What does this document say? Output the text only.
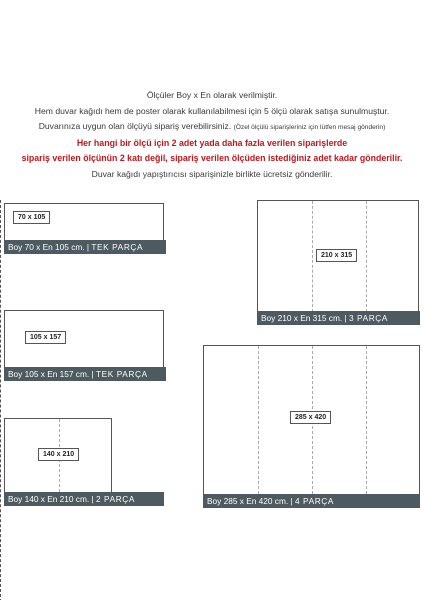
Ölçüler Boy x En olarak verilmiştir.
Hem duvar kağıdı hem de poster olarak kullanılabilmesi için 5 ölçü olarak satışa sunulmuştur.
Duvarınıza uygun olan ölçüyü sipariş verebilirsiniz. (Özel ölçülü siparişleriniz için lütfen mesaj gönderin)
Her hangi bir ölçü için 2 adet yada daha fazla verilen siparişlerde
sipariş verilen ölçünün 2 katı değil, sipariş verilen ölçüden istediğiniz adet kadar gönderilir.
Duvar kağıdı yapıştırıcısı siparişinizle birlikte ücretsiz gönderilir.
70 x 105
Boy 70 x En 105 cm. | TEK PARÇA
105 x 157
Boy 105 x En 157 cm. | TEK PARÇA
140 x 210
Boy 140 x En 210 cm. | 2 PARÇA
210 x 315
Boy 210 x En 315 cm. | 3 PARÇA
285 x 420
Boy 285 x En 420 cm. | 4 PARÇA
